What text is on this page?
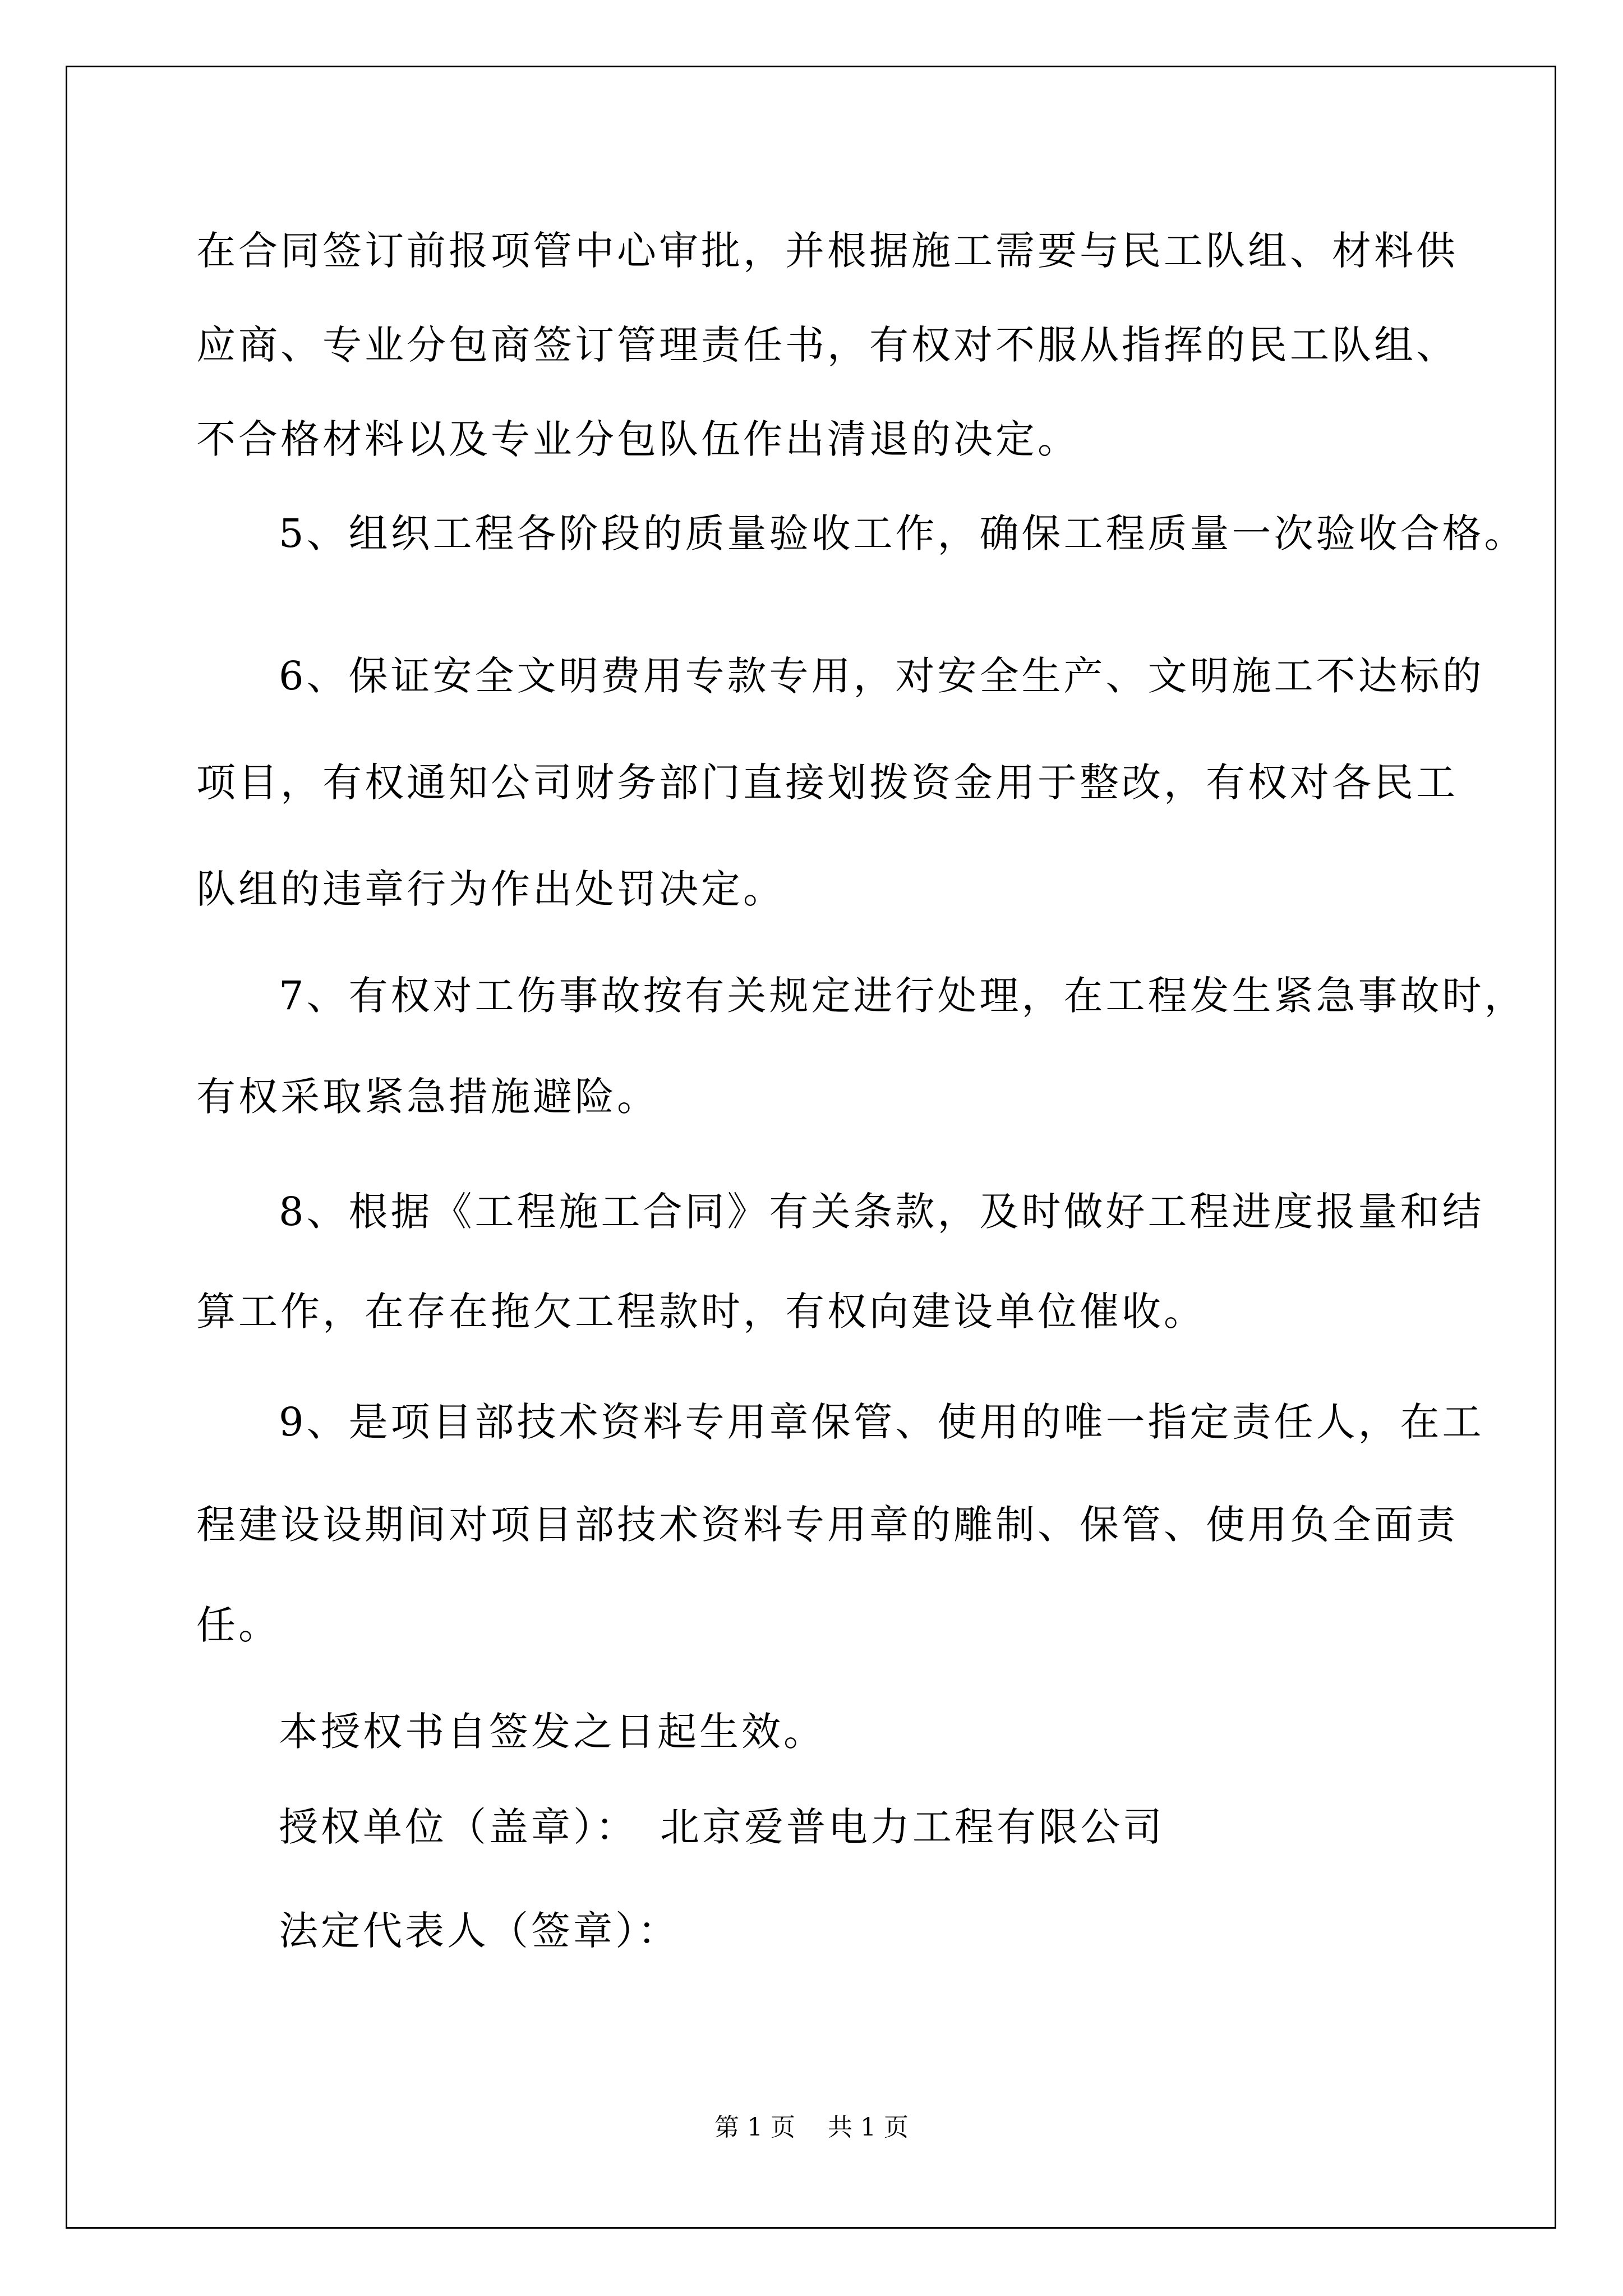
在合同签订前报项管中心审批，并根据施工需要与民工队组、材料供
应商、专业分包商签订管理责任书，有权对不服从指挥的民工队组、
不合格材料以及专业分包队伍作出清退的决定。
5、组织工程各阶段的质量验收工作，确保工程质量一次验收合格。
6、保证安全文明费用专款专用，对安全生产、文明施工不达标的
项目，有权通知公司财务部门直接划拨资金用于整改，有权对各民工
队组的违章行为作出处罚决定。
7、有权对工伤事故按有关规定进行处理，在工程发生紧急事故时，
有权采取紧急措施避险。
8、根据《工程施工合同》有关条款，及时做好工程进度报量和结
算工作，在存在拖欠工程款时，有权向建设单位催收。
9、是项目部技术资料专用章保管、使用的唯一指定责任人，在工
程建设设期间对项目部技术资料专用章的雕制、保管、使用负全面责
任。
本授权书自签发之日起生效。
授权单位（盖章）：　北京爱普电力工程有限公司
法定代表人（签章）：
第 1 页　 共 1 页
